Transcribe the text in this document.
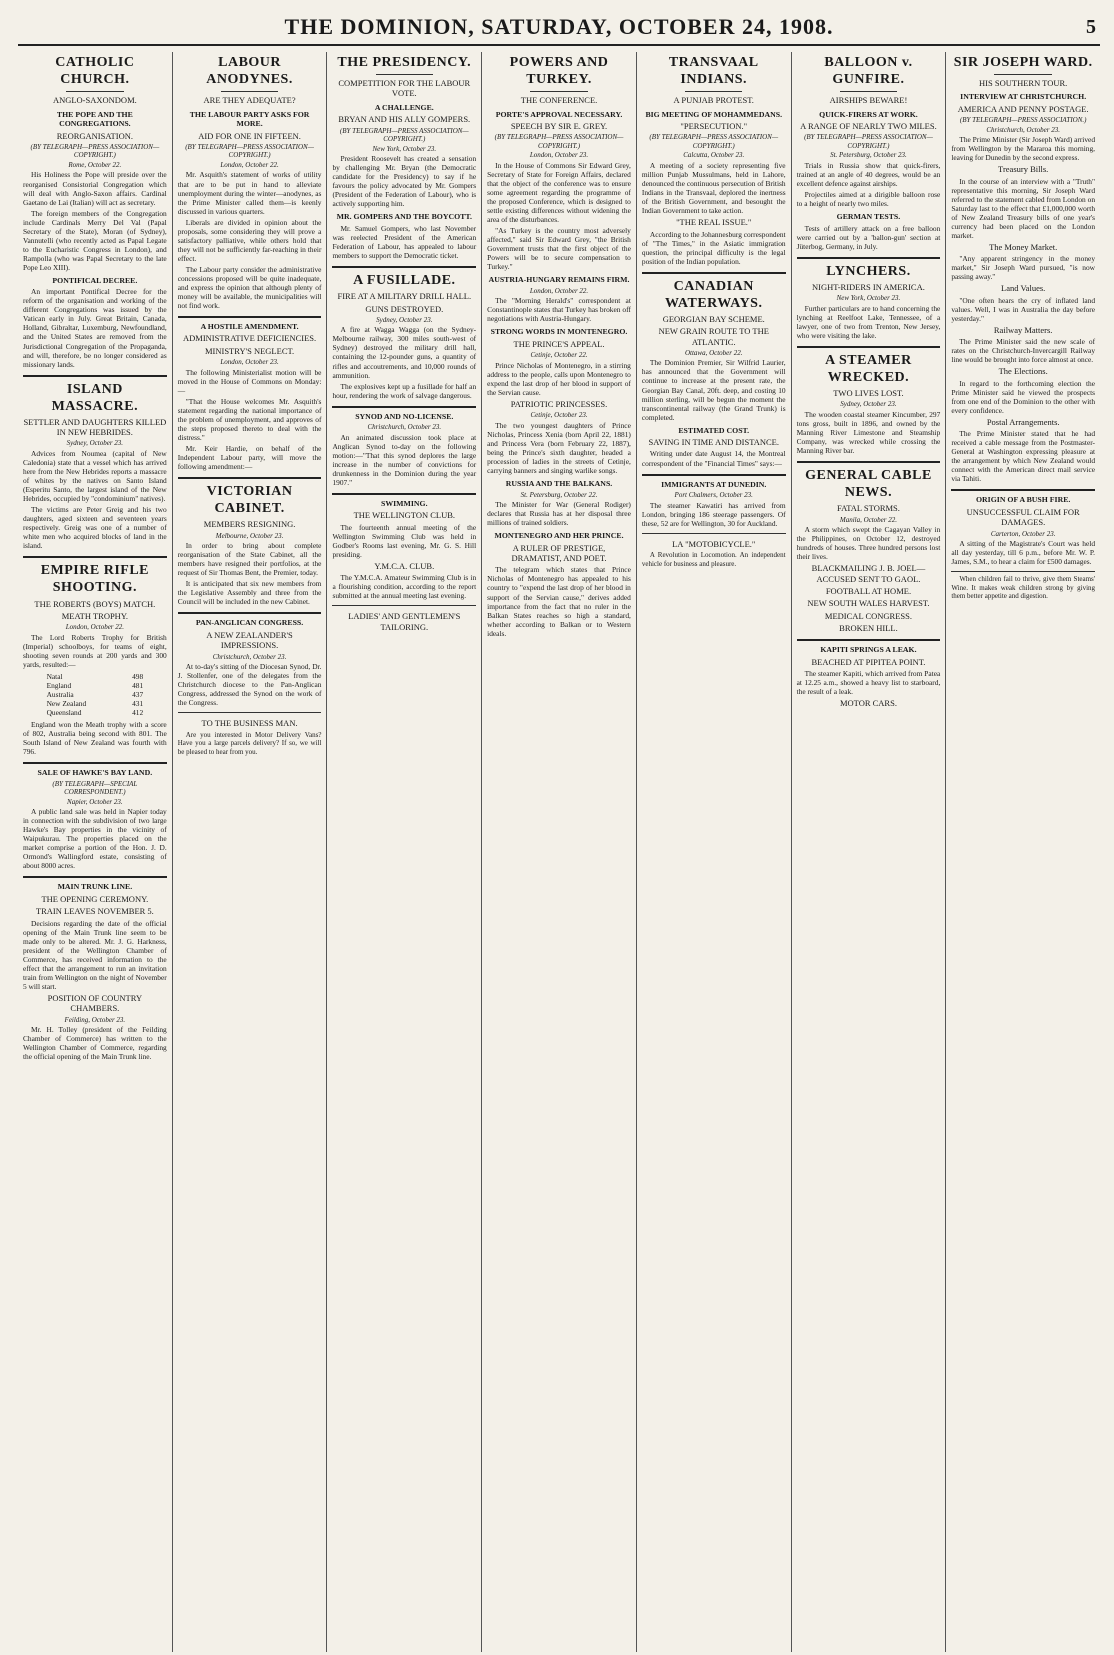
THE DOMINION, SATURDAY, OCTOBER 24, 1908.	5
CATHOLIC CHURCH.
ANGLO-SAXONDOM.
THE POPE AND THE CONGREGATIONS.
REORGANISATION.
(BY TELEGRAPH—PRESS ASSOCIATION—COPYRIGHT.)
Rome, October 22.

His Holiness the Pope will preside over the reorganised Consistorial Congregation which will deal with Anglo-Saxon affairs. Cardinal Gaetano de Lai (Italian) will act as secretary.

The foreign members of the Congregation include Cardinals Merry Del Val (Papal Secretary of the State), Moran (of Sydney), Vannutelli (who recently acted as Papal Legate to the Eucharistic Congress in London), and Rampolla (who was Papal Secretary to the late Pope Leo XIII).

PONTIFICAL DECREE.

An important Pontifical Decree for the reform of the organisation and working of the different Congregations was issued by the Vatican early in July. Great Britain, Canada, Holland, Gibraltar, Luxemburg, Newfoundland, and the United States are removed from the Jurisdictional Congregation of the Propaganda, and will, therefore, be no longer considered as missionary lands.

ISLAND MASSACRE.
SETTLER AND DAUGHTERS KILLED IN NEW HEBRIDES.
Sydney, October 23.

Advices from Noumea (capital of New Caledonia) state that a vessel which has arrived here from the New Hebrides reports a massacre of whites by the natives on Santo Island (Esperitu Santo, the largest island of the New Hebrides, occupied by "condominium" natives).

The victims are Peter Greig and his two daughters, aged sixteen and seventeen years respectively. Greig was one of a number of white men who acquired blocks of land in the island.

EMPIRE RIFLE SHOOTING.
THE ROBERTS (BOYS) MATCH.
MEATH TROPHY.
London, October 22.

The Lord Roberts Trophy for British (Imperial) schoolboys, for teams of eight, shooting seven rounds at 200 yards and 300 yards, resulted:—

Natal	498
England	481
Australia	437
New Zealand	431
Queensland	412

England won the Meath trophy with a score of 802, Australia being second with 801. The South Island of New Zealand was fourth with 796.

SALE OF HAWKE'S BAY LAND.
(BY TELEGRAPH—SPECIAL CORRESPONDENT.)
Napier, October 23.

A public land sale was held in Napier today in connection with the subdivision of two large Hawke's Bay properties in the vicinity of Waipukurau. The properties placed on the market comprise a portion of the Hon. J. D. Ormond's Wallingford estate, consisting of about 8000 acres.

MAIN TRUNK LINE.
THE OPENING CEREMONY.
TRAIN LEAVES NOVEMBER 5.

Decisions regarding the date of the official opening of the Main Trunk line seem to be made only to be altered. Mr. J. G. Harkness, president of the Wellington Chamber of Commerce, has received information to the effect that the arrangement to run an invitation train from Wellington on the night of November 5 will start.

POSITION OF COUNTRY CHAMBERS.
Feilding, October 23.

Mr. H. Tolley (president of the Feilding Chamber of Commerce) has written to the Wellington Chamber of Commerce, regarding the official opening of the Main Trunk line.

LABOUR ANODYNES.
ARE THEY ADEQUATE?
THE LABOUR PARTY ASKS FOR MORE.
AID FOR ONE IN FIFTEEN.
(BY TELEGRAPH—PRESS ASSOCIATION—COPYRIGHT.)
London, October 22.

Mr. Asquith's statement of works of utility that are to be put in hand to alleviate unemployment during the winter—anodynes, as the Prime Minister called them—is keenly discussed in various quarters.

Liberals are divided in opinion about the proposals, some considering they will prove a satisfactory palliative, while others hold that they will not be sufficiently far-reaching in their effect.

The Labour party consider the administrative concessions proposed will be quite inadequate, and express the opinion that although plenty of money will be available, the municipalities will not find work.

A HOSTILE AMENDMENT.
ADMINISTRATIVE DEFICIENCIES.
MINISTRY'S NEGLECT.
London, October 23.

The following Ministerialist motion will be moved in the House of Commons on Monday:—

"That the House welcomes Mr. Asquith's statement regarding the national importance of the problem of unemployment, and approves of the steps proposed thereto to deal with the distress."

Mr. Keir Hardie, on behalf of the Independent Labour party, will move the following amendment:—

VICTORIAN CABINET.
MEMBERS RESIGNING.
Melbourne, October 23.

In order to bring about complete reorganisation of the State Cabinet, all the members have resigned their portfolios, at the request of Sir Thomas Bent, the Premier, today.

It is anticipated that six new members from the Legislative Assembly and three from the Council will be included in the new Cabinet.

PAN-ANGLICAN CONGRESS.
A NEW ZEALANDER'S IMPRESSIONS.
Christchurch, October 23.

At to-day's sitting of the Diocesan Synod, Dr. J. Stollenfer, one of the delegates from the Christchurch diocese to the Pan-Anglican Congress, addressed the Synod on the work of the Congress.

TO THE BUSINESS MAN.

Are you interested in Motor Delivery Vans? Have you a large parcels delivery? If so, we will be pleased to hear from you.

THE PRESIDENCY.
COMPETITION FOR THE LABOUR VOTE.
A CHALLENGE.
BRYAN AND HIS ALLY GOMPERS.
(BY TELEGRAPH—PRESS ASSOCIATION—COPYRIGHT.)
New York, October 23.

President Roosevelt has created a sensation by challenging Mr. Bryan (the Democratic candidate for the Presidency) to say if he favours the policy advocated by Mr. Gompers (President of the Federation of Labour), who is actively supporting him.

MR. GOMPERS AND THE BOYCOTT.

Mr. Samuel Gompers, who last November was reelected President of the American Federation of Labour, has appealed to labour members to support the Democratic ticket.

A FUSILLADE.
FIRE AT A MILITARY DRILL HALL.
GUNS DESTROYED.
Sydney, October 23.

A fire at Wagga Wagga (on the Sydney-Melbourne railway, 300 miles south-west of Sydney) destroyed the military drill hall, containing the 12-pounder guns, a quantity of rifles and accoutrements, and 10,000 rounds of ammunition.

The explosives kept up a fusillade for half an hour, rendering the work of salvage dangerous.

SYNOD AND NO-LICENSE.
Christchurch, October 23.

An animated discussion took place at Anglican Synod to-day on the following motion:—"That this synod deplores the large increase in the number of convictions for drunkenness in the Dominion during the year 1907."

SWIMMING.
THE WELLINGTON CLUB.

The fourteenth annual meeting of the Wellington Swimming Club was held in Godber's Rooms last evening, Mr. G. S. Hill presiding.

Y.M.C.A. CLUB.

The Y.M.C.A. Amateur Swimming Club is in a flourishing condition, according to the report submitted at the annual meeting last evening.

LADIES' AND GENTLEMEN'S TAILORING.
POWERS AND TURKEY.
THE CONFERENCE.
PORTE'S APPROVAL NECESSARY.
SPEECH BY SIR E. GREY.
(BY TELEGRAPH—PRESS ASSOCIATION—COPYRIGHT.)
London, October 23.

In the House of Commons Sir Edward Grey, Secretary of State for Foreign Affairs, declared that the object of the conference was to ensure some agreement regarding the programme of the proposed Conference, which is designed to settle existing differences without widening the area of the disturbances.

"As Turkey is the country most adversely affected," said Sir Edward Grey, "the British Government trusts that the first object of the Powers will be to secure compensation to Turkey."

AUSTRIA-HUNGARY REMAINS FIRM.
London, October 22.

The "Morning Herald's" correspondent at Constantinople states that Turkey has broken off negotiations with Austria-Hungary.

STRONG WORDS IN MONTENEGRO.
THE PRINCE'S APPEAL.
Cetinje, October 22.

Prince Nicholas of Montenegro, in a stirring address to the people, calls upon Montenegro to expend the last drop of her blood in support of the Servian cause.

PATRIOTIC PRINCESSES.
Cetinje, October 23.

The two youngest daughters of Prince Nicholas, Princess Xenia (born April 22, 1881) and Princess Vera (born February 22, 1887), being the Prince's sixth daughter, headed a procession of ladies in the streets of Cetinje, carrying banners and singing warlike songs.

RUSSIA AND THE BALKANS.
St. Petersburg, October 22.

The Minister for War (General Rodiger) declares that Russia has at her disposal three millions of trained soldiers.

MONTENEGRO AND HER PRINCE.
A RULER OF PRESTIGE, DRAMATIST, AND POET.

The telegram which states that Prince Nicholas of Montenegro has appealed to his country to "expend the last drop of her blood in support of the Servian cause," derives added importance from the fact that no ruler in the Balkan States reaches so high a standard, whether according to Balkan or to Western ideals.

TRANSVAAL INDIANS.
A PUNJAB PROTEST.
BIG MEETING OF MOHAMMEDANS.
"PERSECUTION."
(BY TELEGRAPH—PRESS ASSOCIATION—COPYRIGHT.)
Calcutta, October 23.

A meeting of a society representing five million Punjab Mussulmans, held in Lahore, denounced the continuous persecution of British Indians in the Transvaal, deplored the inertness of the British Government, and besought the Indian Government to take action.

"THE REAL ISSUE."

According to the Johannesburg correspondent of "The Times," in the Asiatic immigration question, the principal difficulty is the legal position of the Indian population.

CANADIAN WATERWAYS.
GEORGIAN BAY SCHEME.
NEW GRAIN ROUTE TO THE ATLANTIC.
Ottawa, October 22.

The Dominion Premier, Sir Wilfrid Laurier, has announced that the Government will continue to increase at the present rate, the Georgian Bay Canal, 20ft. deep, and costing 10 million sterling, will be begun the moment the transcontinental railway (the Grand Trunk) is completed.

ESTIMATED COST.
SAVING IN TIME AND DISTANCE.

Writing under date August 14, the Montreal correspondent of the "Financial Times" says:—

IMMIGRANTS AT DUNEDIN.
Port Chalmers, October 23.

The steamer Kawatiri has arrived from London, bringing 186 steerage passengers. Of these, 52 are for Wellington, 30 for Auckland.

LA "MOTOBICYCLE."

A Revolution in Locomotion. An independent vehicle for business and pleasure.

BALLOON v. GUNFIRE.
AIRSHIPS BEWARE!
QUICK-FIRERS AT WORK.
A RANGE OF NEARLY TWO MILES.
(BY TELEGRAPH—PRESS ASSOCIATION—COPYRIGHT.)
St. Petersburg, October 23.

Trials in Russia show that quick-firers, trained at an angle of 40 degrees, would be an excellent defence against airships.

Projectiles aimed at a dirigible balloon rose to a height of nearly two miles.

GERMAN TESTS.

Tests of artillery attack on a free balloon were carried out by a 'ballon-gun' section at Jüterbog, Germany, in July.

LYNCHERS.
NIGHT-RIDERS IN AMERICA.
New York, October 23.

Further particulars are to hand concerning the lynching at Reelfoot Lake, Tennessee, of a lawyer, one of two from Trenton, New Jersey, who were visiting the lake.

A STEAMER WRECKED.
TWO LIVES LOST.
Sydney, October 23.

The wooden coastal steamer Kincumber, 297 tons gross, built in 1896, and owned by the Manning River Limestone and Steamship Company, was wrecked while crossing the Manning River bar.

GENERAL CABLE NEWS.
FATAL STORMS.
Manila, October 22.

A storm which swept the Cagayan Valley in the Philippines, on October 12, destroyed hundreds of houses. Three hundred persons lost their lives.

BLACKMAILING J. B. JOEL—ACCUSED SENT TO GAOL.
FOOTBALL AT HOME.
NEW SOUTH WALES HARVEST.
MEDICAL CONGRESS.
BROKEN HILL.
KAPITI SPRINGS A LEAK.
BEACHED AT PIPITEA POINT.

The steamer Kapiti, which arrived from Patea at 12.25 a.m., showed a heavy list to starboard, the result of a leak.

MOTOR CARS.
SIR JOSEPH WARD.
HIS SOUTHERN TOUR.
INTERVIEW AT CHRISTCHURCH.
AMERICA AND PENNY POSTAGE.
(BY TELEGRAPH—PRESS ASSOCIATION.)
Christchurch, October 23.

The Prime Minister (Sir Joseph Ward) arrived from Wellington by the Mararoa this morning, leaving for Dunedin by the second express.

Treasury Bills.

In the course of an interview with a "Truth" representative this morning, Sir Joseph Ward referred to the statement cabled from London on Saturday last to the effect that £1,000,000 worth of New Zealand Treasury bills of one year's currency had been placed on the London market.

The Money Market.

"Any apparent stringency in the money market," Sir Joseph Ward pursued, "is now passing away."

Land Values.

"One often hears the cry of inflated land values. Well, I was in Australia the day before yesterday."

Railway Matters.

The Prime Minister said the new scale of rates on the Christchurch-Invercargill Railway line would be brought into force almost at once.

The Elections.

In regard to the forthcoming election the Prime Minister said he viewed the prospects from one end of the Dominion to the other with every confidence.

Postal Arrangements.

The Prime Minister stated that he had received a cable message from the Postmaster-General at Washington expressing pleasure at the arrangement by which New Zealand would connect with the American direct mail service via Tahiti.

ORIGIN OF A BUSH FIRE.
UNSUCCESSFUL CLAIM FOR DAMAGES.
Carterton, October 23.

A sitting of the Magistrate's Court was held all day yesterday, till 6 p.m., before Mr. W. P. James, S.M., to hear a claim for £500 damages.

When children fail to thrive, give them Steams' Wine. It makes weak children strong by giving them better appetite and digestion.
